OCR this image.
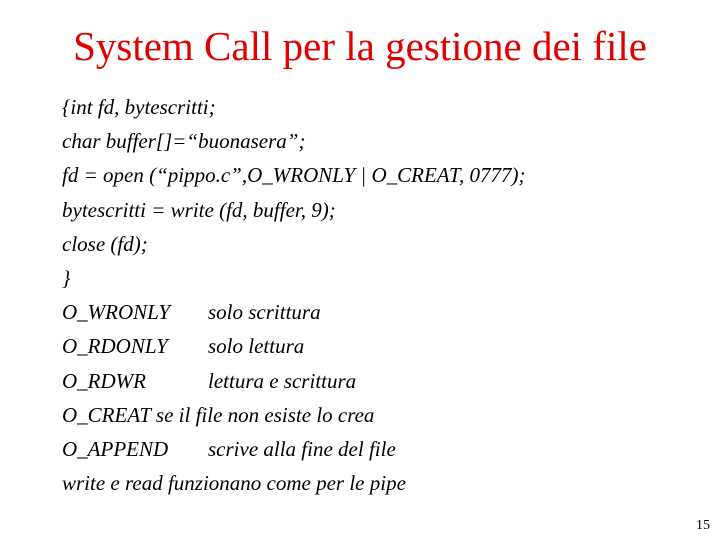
System Call per la gestione dei file
{int fd, bytescritti;
char buffer[]=“buonasera”;
fd = open (“pippo.c”,O_WRONLY | O_CREAT, 0777);
bytescritti = write (fd, buffer, 9);
close (fd);
}
O_WRONLY solo scrittura
O_RDONLY solo lettura
O_RDWR	lettura e scrittura
O_CREAT se il file non esiste lo crea
O_APPEND scrive alla fine del file
write e read funzionano come per le pipe
15
